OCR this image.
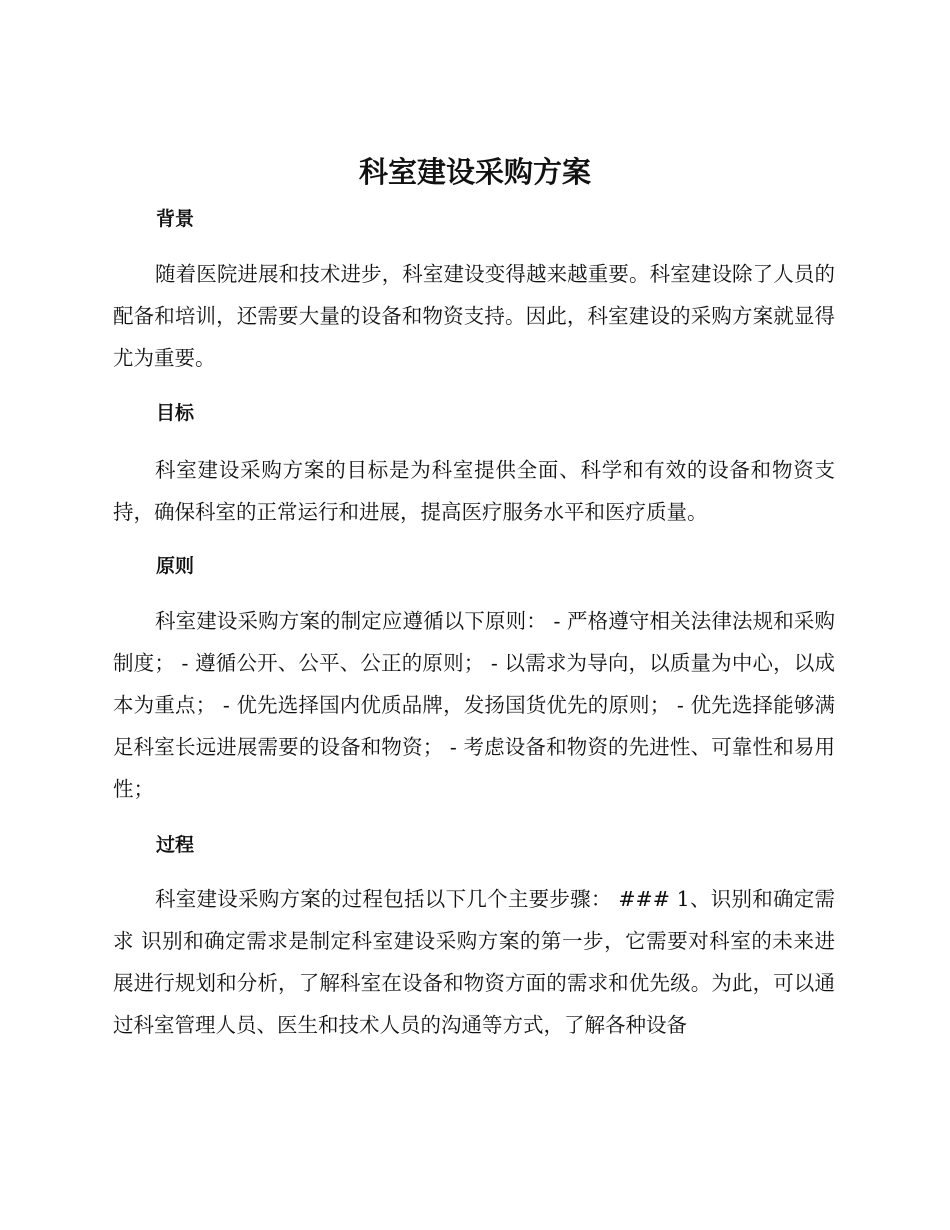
科室建设采购方案
背景

随着医院进展和技术进步，科室建设变得越来越重要。科室建设除了人员的配备和培训，还需要大量的设备和物资支持。因此，科室建设的采购方案就显得尤为重要。

目标

科室建设采购方案的目标是为科室提供全面、科学和有效的设备和物资支持，确保科室的正常运行和进展，提高医疗服务水平和医疗质量。

原则

科室建设采购方案的制定应遵循以下原则： - 严格遵守相关法律法规和采购制度； - 遵循公开、公平、公正的原则； - 以需求为导向，以质量为中心，以成本为重点； - 优先选择国内优质品牌，发扬国货优先的原则； - 优先选择能够满足科室长远进展需要的设备和物资； - 考虑设备和物资的先进性、可靠性和易用性；

过程

科室建设采购方案的过程包括以下几个主要步骤： ### 1、识别和确定需求 识别和确定需求是制定科室建设采购方案的第一步，它需要对科室的未来进展进行规划和分析，了解科室在设备和物资方面的需求和优先级。为此，可以通过科室管理人员、医生和技术人员的沟通等方式，了解各种设备
